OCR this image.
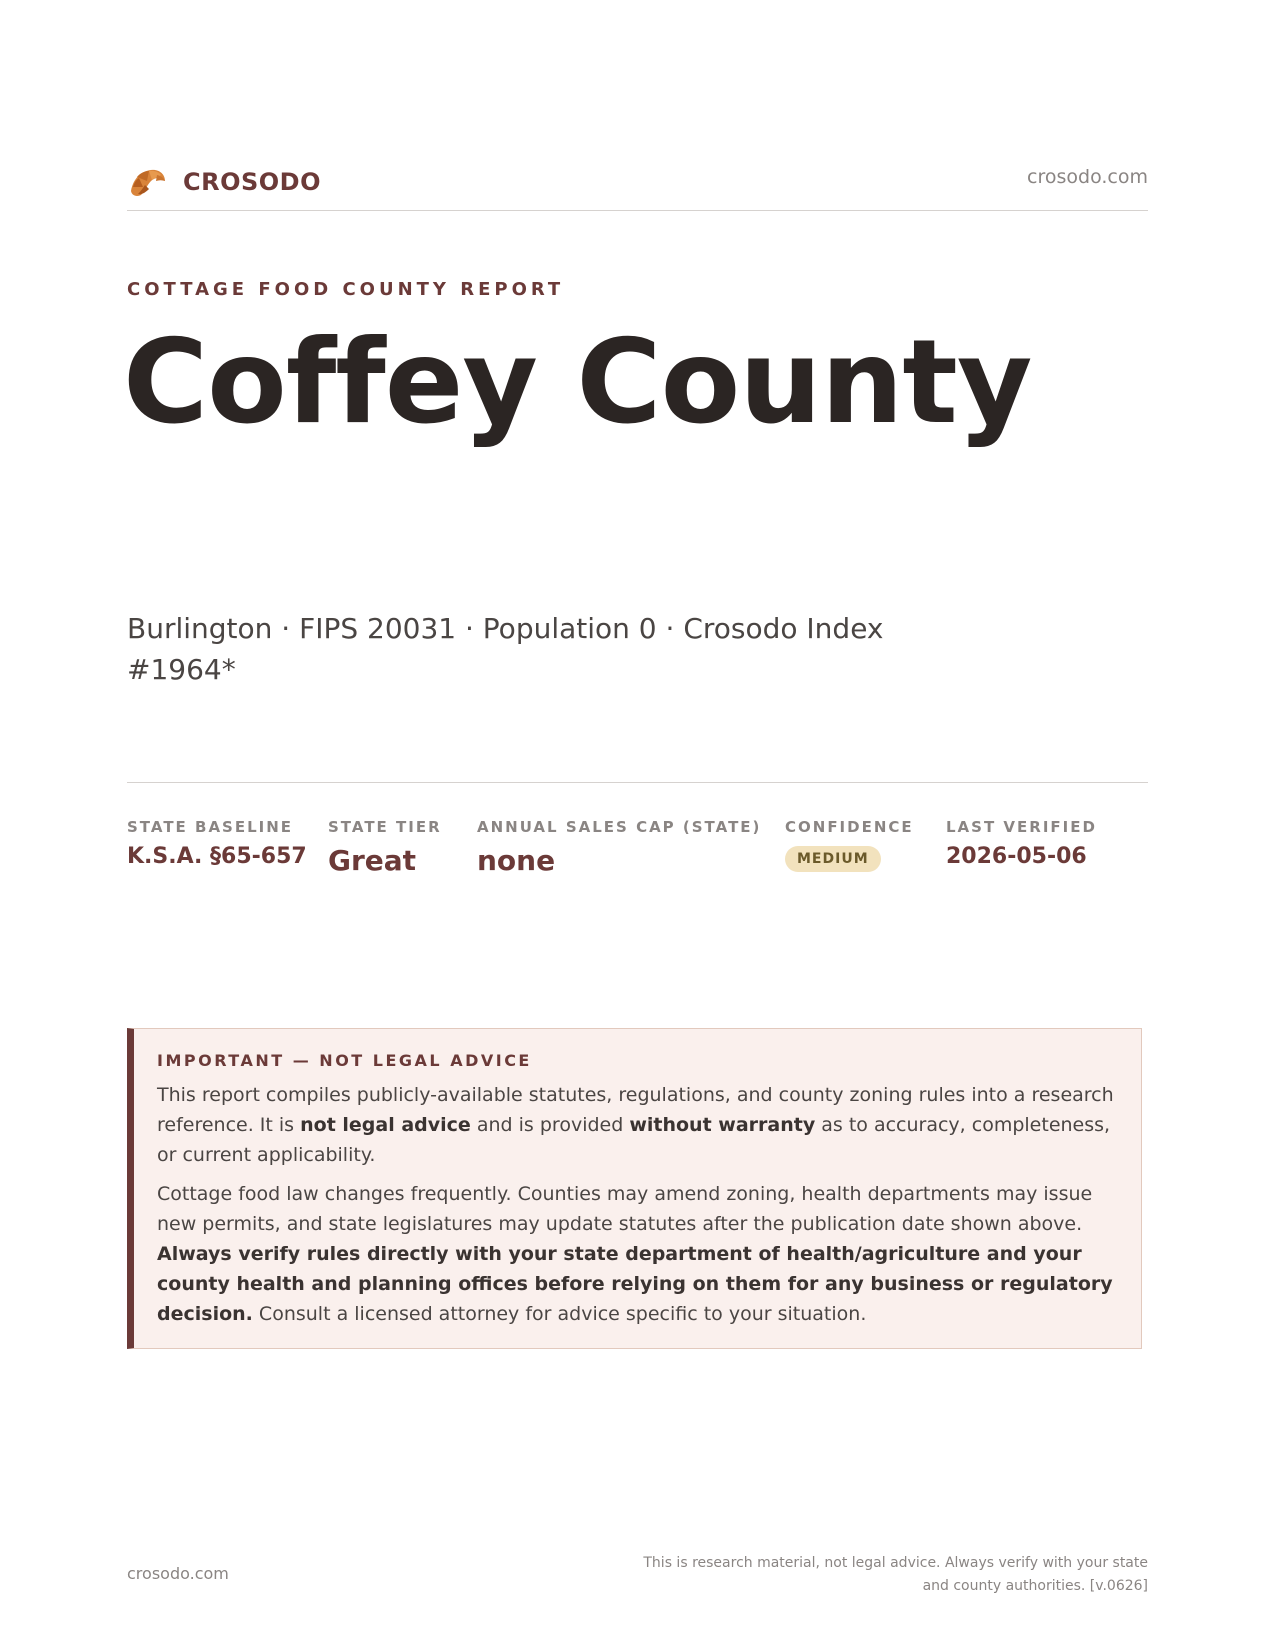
CROSODO	crosodo.com
COTTAGE FOOD COUNTY REPORT
Coffey County
Burlington · FIPS 20031 · Population 0 · Crosodo Index #1964*
STATE BASELINE
K.S.A. §65-657
STATE TIER
Great
ANNUAL SALES CAP (STATE)
none
CONFIDENCE
MEDIUM
LAST VERIFIED
2026-05-06
IMPORTANT — NOT LEGAL ADVICE

This report compiles publicly-available statutes, regulations, and county zoning rules into a research reference. It is not legal advice and is provided without warranty as to accuracy, completeness, or current applicability.

Cottage food law changes frequently. Counties may amend zoning, health departments may issue new permits, and state legislatures may update statutes after the publication date shown above. Always verify rules directly with your state department of health/agriculture and your county health and planning offices before relying on them for any business or regulatory decision. Consult a licensed attorney for advice specific to your situation.

crosodo.com
This is research material, not legal advice. Always verify with your state
and county authorities. [v.0626]
